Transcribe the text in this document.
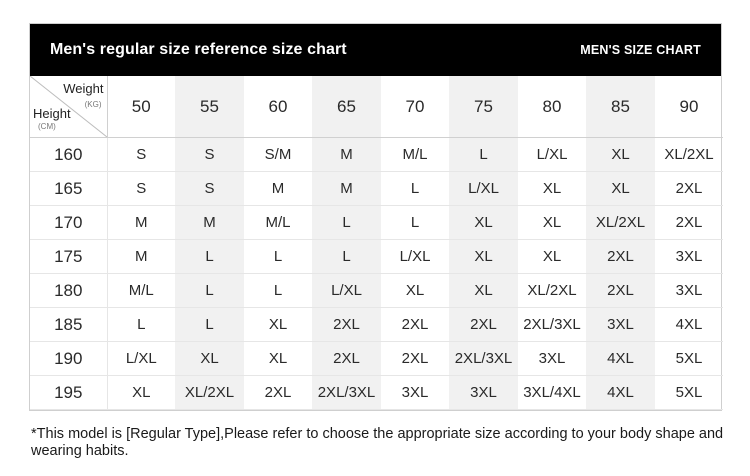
Men's regular size reference size chart	MEN'S SIZE CHART
Weight
(KG)
Height
(CM)	50	55	60	65	70	75	80	85	90
160	S	S	S/M	M	M/L	L	L/XL	XL	XL/2XL
165	S	S	M	M	L	L/XL	XL	XL	2XL
170	M	M	M/L	L	L	XL	XL	XL/2XL	2XL
175	M	L	L	L	L/XL	XL	XL	2XL	3XL
180	M/L	L	L	L/XL	XL	XL	XL/2XL	2XL	3XL
185	L	L	XL	2XL	2XL	2XL	2XL/3XL	3XL	4XL
190	L/XL	XL	XL	2XL	2XL	2XL/3XL	3XL	4XL	5XL
195	XL	XL/2XL	2XL	2XL/3XL	3XL	3XL	3XL/4XL	4XL	5XL
*This model is [Regular Type],Please refer to choose the appropriate size according to your body shape and wearing habits.
